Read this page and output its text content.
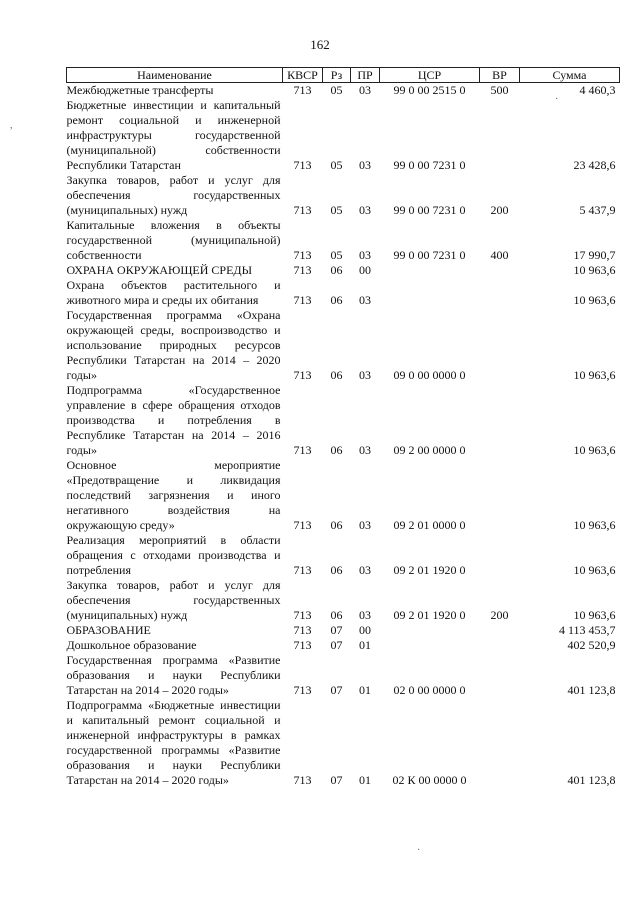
162
,
·
·
Наименование	КВСР	Рз	ПР	ЦСР	ВР	Сумма
Межбюджетные трансферты	713	05	03	99 0 00 2515 0	500	4 460,3
Бюджетные инвестиции и капитальный ремонт социальной и инженерной инфраструктуры государственной (муниципальной) собственности Республики Татарстан	713	05	03	99 0 00 7231 0		23 428,6
Закупка товаров, работ и услуг для обеспечения государственных (муниципальных) нужд	713	05	03	99 0 00 7231 0	200	5 437,9
Капитальные вложения в объекты государственной (муниципальной) собственности	713	05	03	99 0 00 7231 0	400	17 990,7
ОХРАНА ОКРУЖАЮЩЕЙ СРЕДЫ	713	06	00			10 963,6
Охрана объектов растительного и животного мира и среды их обитания	713	06	03			10 963,6
Государственная программа «Охрана окружающей среды, воспроизводство и использование природных ресурсов Республики Татарстан на 2014 – 2020 годы»	713	06	03	09 0 00 0000 0		10 963,6
Подпрограмма «Государственное управление в сфере обращения отходов производства и потребления в Республике Татарстан на 2014 – 2016 годы»	713	06	03	09 2 00 0000 0		10 963,6
Основное мероприятие «Предотвращение и ликвидация последствий загрязнения и иного негативного воздействия на окружающую среду»	713	06	03	09 2 01 0000 0		10 963,6
Реализация мероприятий в области обращения с отходами производства и потребления	713	06	03	09 2 01 1920 0		10 963,6
Закупка товаров, работ и услуг для обеспечения государственных (муниципальных) нужд	713	06	03	09 2 01 1920 0	200	10 963,6
ОБРАЗОВАНИЕ	713	07	00			4 113 453,7
Дошкольное образование	713	07	01			402 520,9
Государственная программа «Развитие образования и науки Республики Татарстан на 2014 – 2020 годы»	713	07	01	02 0 00 0000 0		401 123,8
Подпрограмма «Бюджетные инвестиции и капитальный ремонт социальной и инженерной инфраструктуры в рамках государственной программы «Развитие образования и науки Республики Татарстан на 2014 – 2020 годы»	713	07	01	02 К 00 0000 0		401 123,8
